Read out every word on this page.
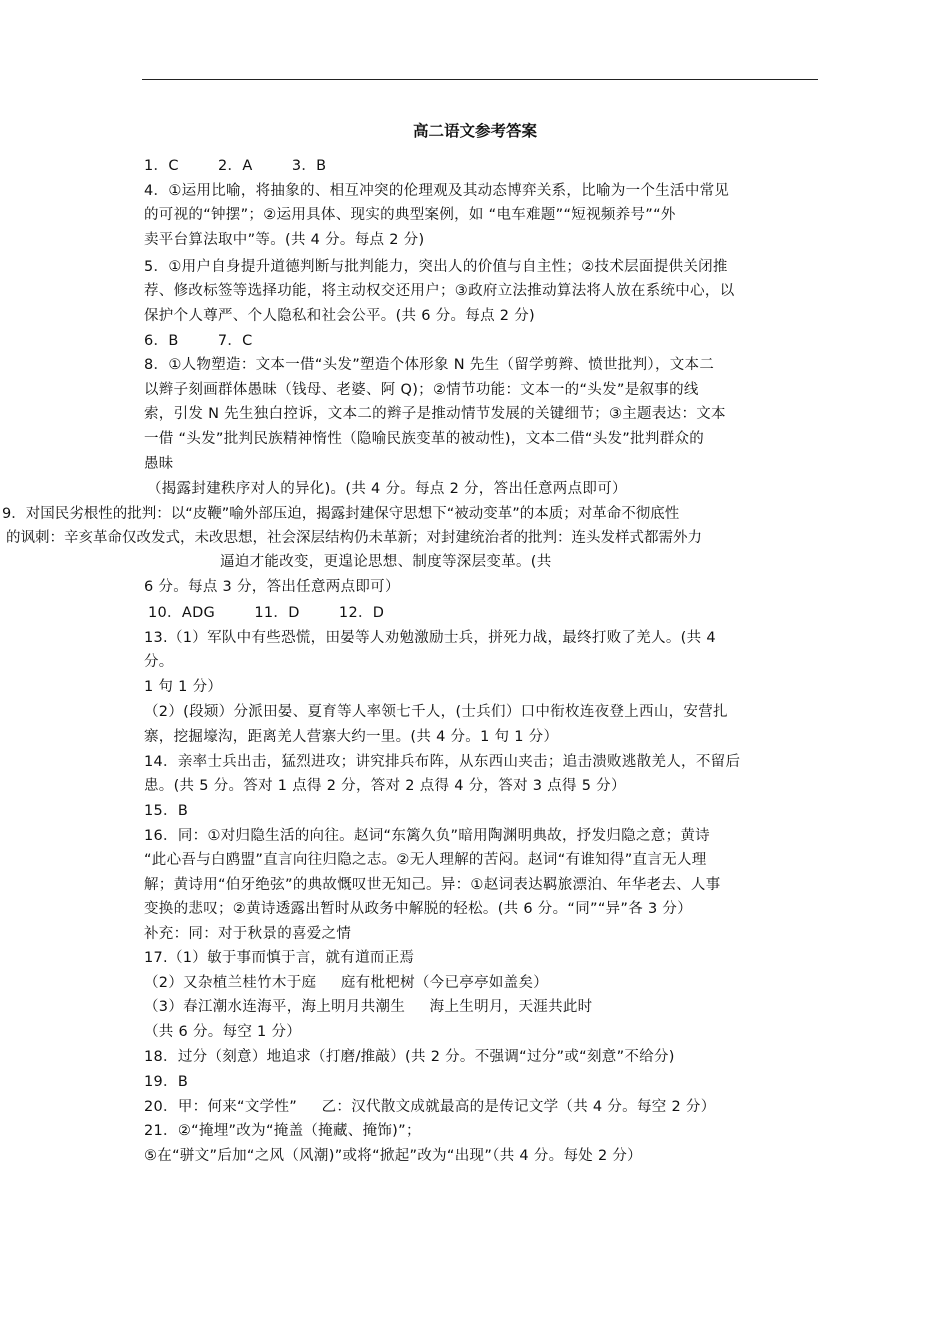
高二语文参考答案
1．C        2．A        3．B
4．①运用比喻，将抽象的、相互冲突的伦理观及其动态博弈关系，比喻为一个生活中常见
的可视的“钟摆”；②运用具体、现实的典型案例，如 “电车难题”“短视频养号”“外
卖平台算法取中”等。(共 4 分。每点 2 分)
5．①用户自身提升道德判断与批判能力，突出人的价值与自主性；②技术层面提供关闭推
荐、修改标签等选择功能，将主动权交还用户；③政府立法推动算法将人放在系统中心，以
保护个人尊严、个人隐私和社会公平。(共 6 分。每点 2 分)
6．B        7．C
8．①人物塑造：文本一借“头发”塑造个体形象 N 先生（留学剪辫、愤世批判），文本二
以辫子刻画群体愚昧（钱母、老婆、阿 Q)；②情节功能：文本一的“头发”是叙事的线
索，引发 N 先生独白控诉，文本二的辫子是推动情节发展的关键细节；③主题表达：文本
一借 “头发”批判民族精神惰性（隐喻民族变革的被动性)，文本二借“头发”批判群众的
愚昧
（揭露封建秩序对人的异化)。(共 4 分。每点 2 分，答出任意两点即可）
9．对国民劣根性的批判：以“皮鞭”喻外部压迫，揭露封建保守思想下“被动变革”的本质；对革命不彻底性
的讽刺：辛亥革命仅改发式，未改思想，社会深层结构仍未革新；对封建统治者的批判：连头发样式都需外力
逼迫才能改变，更遑论思想、制度等深层变革。(共
6 分。每点 3 分，答出任意两点即可）
10．ADG        11．D        12．D
13.（1）军队中有些恐慌，田晏等人劝勉激励士兵，拼死力战，最终打败了羌人。(共 4
分。
1 句 1 分）
（2）(段颎）分派田晏、夏育等人率领七千人，(士兵们）口中衔枚连夜登上西山，安营扎
寨，挖掘壕沟，距离羌人营寨大约一里。(共 4 分。1 句 1 分）
14．亲率士兵出击，猛烈进攻；讲究排兵布阵，从东西山夹击；追击溃败逃散羌人，不留后
患。(共 5 分。答对 1 点得 2 分，答对 2 点得 4 分，答对 3 点得 5 分）
15．B
16．同：①对归隐生活的向往。赵词“东篱久负”暗用陶渊明典故，抒发归隐之意；黄诗
“此心吾与白鸥盟”直言向往归隐之志。②无人理解的苦闷。赵词“有谁知得”直言无人理
解；黄诗用“伯牙绝弦”的典故慨叹世无知己。异：①赵词表达羁旅漂泊、年华老去、人事
变换的悲叹；②黄诗透露出暂时从政务中解脱的轻松。(共 6 分。“同”“异”各 3 分）
补充：同：对于秋景的喜爱之情
17.（1）敏于事而慎于言，就有道而正焉
（2）又杂植兰桂竹木于庭     庭有枇杷树（今已亭亭如盖矣）
（3）春江潮水连海平，海上明月共潮生     海上生明月，天涯共此时
（共 6 分。每空 1 分）
18．过分（刻意）地追求（打磨/推敲）(共 2 分。不强调“过分”或“刻意”不给分)
19．B
20．甲：何来“文学性”     乙：汉代散文成就最高的是传记文学（共 4 分。每空 2 分）
21．②“掩埋”改为“掩盖（掩藏、掩饰)”；
⑤在“骈文”后加“之风（风潮)”或将“掀起”改为“出现”（共 4 分。每处 2 分）
